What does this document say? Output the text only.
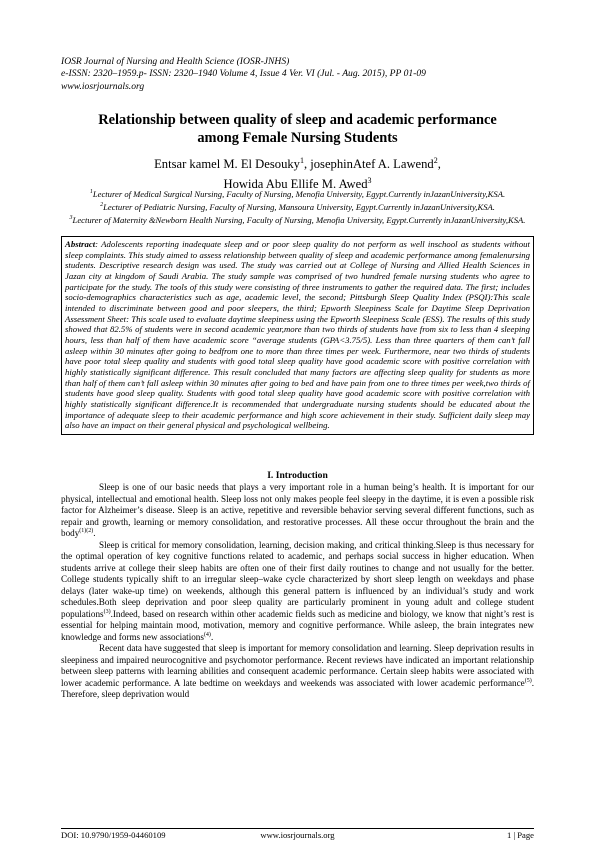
IOSR Journal of Nursing and Health Science (IOSR-JNHS)
e-ISSN: 2320–1959.p- ISSN: 2320–1940 Volume 4, Issue 4 Ver. VI (Jul. - Aug. 2015), PP 01-09
www.iosrjournals.org
Relationship between quality of sleep and academic performance
among Female Nursing Students
Entsar kamel M. El Desouky$^1$, josephinAtef A. Lawend$^2$,
Howida Abu Ellife M. Awed$^3$
$^1$Lecturer of Medical Surgical Nursing, Faculty of Nursing, Menofia University, Egypt.Currently inJazanUniversity,KSA.
$^2$Lecturer of Pediatric Nursing, Faculty of Nursing, Mansoura University, Egypt.Currently inJazanUniversity,KSA.
$^3$Lecturer of Maternity &Newborn Health Nursing, Faculty of Nursing, Menofia University, Egypt.Currently inJazanUniversity,KSA.
Abstract: Adolescents reporting inadequate sleep and or poor sleep quality do not perform as well inschool as students without sleep complaints. This study aimed to assess relationship between quality of sleep and academic performance among femalenursing students. Descriptive research design was used. The study was carried out at College of Nursing and Allied Health Sciences in Jazan city at kingdom of Saudi Arabia. The study sample was comprised of two hundred female nursing students who agree to participate for the study. The tools of this study were consisting of three instruments to gather the required data. The first; includes socio-demographics characteristics such as age, academic level, the second; Pittsburgh Sleep Quality Index (PSQI):This scale intended to discriminate between good and poor sleepers, the third; Epworth Sleepiness Scale for Daytime Sleep Deprivation Assessment Sheet: This scale used to evaluate daytime sleepiness using the Epworth Sleepiness Scale (ESS). The results of this study showed that 82.5% of students were in second academic year,more than two thirds of students have from six to less than 4 sleeping hours, less than half of them have academic score “average students (GPA<3.75/5). Less than three quarters of them can’t fall asleep within 30 minutes after going to bedfrom one to more than three times per week. Furthermore, near two thirds of students have poor total sleep quality and students with good total sleep quality have good academic score with positive correlation with highly statistically significant difference. This result concluded that many factors are affecting sleep quality for students as more than half of them can’t fall asleep within 30 minutes after going to bed and have pain from one to three times per week,two thirds of students have good sleep quality. Students with good total sleep quality have good academic score with positive correlation with highly statistically significant difference.It is recommended that undergraduate nursing students should be educated about the importance of adequate sleep to their academic performance and high score achievement in their study. Sufficient daily sleep may also have an impact on their general physical and psychological wellbeing.
I. Introduction

Sleep is one of our basic needs that plays a very important role in a human being’s health. It is important for our physical, intellectual and emotional health. Sleep loss not only makes people feel sleepy in the daytime, it is even a possible risk factor for Alzheimer’s disease. Sleep is an active, repetitive and reversible behavior serving several different functions, such as repair and growth, learning or memory consolidation, and restorative processes. All these occur throughout the brain and the body$^{(1)(2)}$.

Sleep is critical for memory consolidation, learning, decision making, and critical thinking.Sleep is thus necessary for the optimal operation of key cognitive functions related to academic, and perhaps social success in higher education. When students arrive at college their sleep habits are often one of their first daily routines to change and not usually for the better. College students typically shift to an irregular sleep–wake cycle characterized by short sleep length on weekdays and phase delays (later wake-up time) on weekends, although this general pattern is influenced by an individual’s study and work schedules.Both sleep deprivation and poor sleep quality are particularly prominent in young adult and college student populations$^{(3)}$.Indeed, based on research within other academic fields such as medicine and biology, we know that night’s rest is essential for helping maintain mood, motivation, memory and cognitive performance. While asleep, the brain integrates new knowledge and forms new associations$^{(4)}$.

Recent data have suggested that sleep is important for memory consolidation and learning. Sleep deprivation results in sleepiness and impaired neurocognitive and psychomotor performance. Recent reviews have indicated an important relationship between sleep patterns with learning abilities and consequent academic performance. Certain sleep habits were associated with lower academic performance. A late bedtime on weekdays and weekends was associated with lower academic performance$^{(5)}$. Therefore, sleep deprivation would

DOI: 10.9790/1959-04460109	www.iosrjournals.org	1 | Page
